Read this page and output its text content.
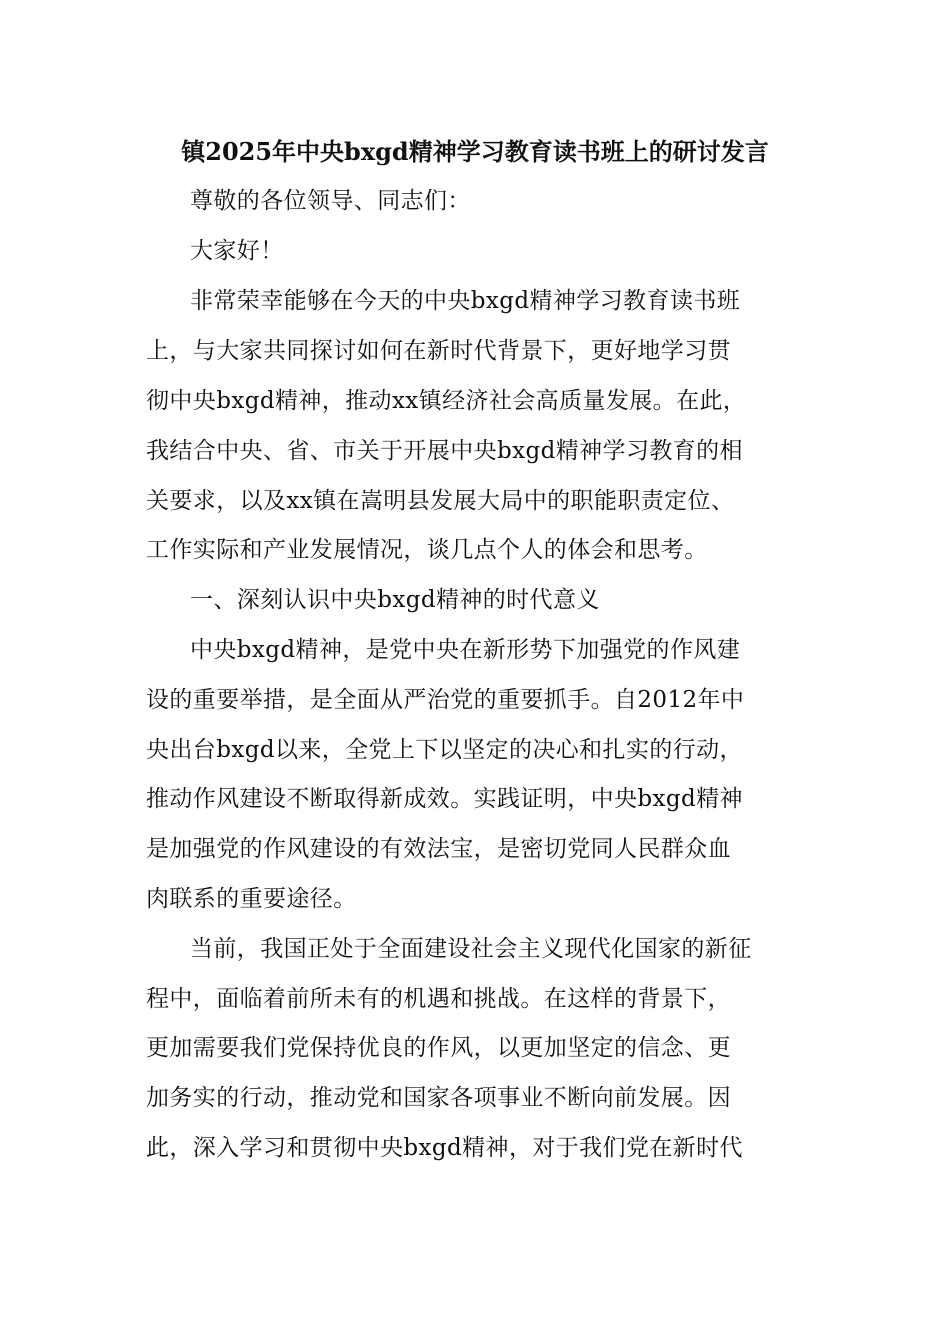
镇2025年中央bxgd精神学习教育读书班上的研讨发言
尊敬的各位领导、同志们：
大家好！
非常荣幸能够在今天的中央bxgd精神学习教育读书班
上，与大家共同探讨如何在新时代背景下，更好地学习贯
彻中央bxgd精神，推动xx镇经济社会高质量发展。在此，
我结合中央、省、市关于开展中央bxgd精神学习教育的相
关要求，以及xx镇在嵩明县发展大局中的职能职责定位、
工作实际和产业发展情况，谈几点个人的体会和思考。
一、深刻认识中央bxgd精神的时代意义
中央bxgd精神，是党中央在新形势下加强党的作风建
设的重要举措，是全面从严治党的重要抓手。自2012年中
央出台bxgd以来，全党上下以坚定的决心和扎实的行动，
推动作风建设不断取得新成效。实践证明，中央bxgd精神
是加强党的作风建设的有效法宝，是密切党同人民群众血
肉联系的重要途径。
当前，我国正处于全面建设社会主义现代化国家的新征
程中，面临着前所未有的机遇和挑战。在这样的背景下，
更加需要我们党保持优良的作风，以更加坚定的信念、更
加务实的行动，推动党和国家各项事业不断向前发展。因
此，深入学习和贯彻中央bxgd精神，对于我们党在新时代
